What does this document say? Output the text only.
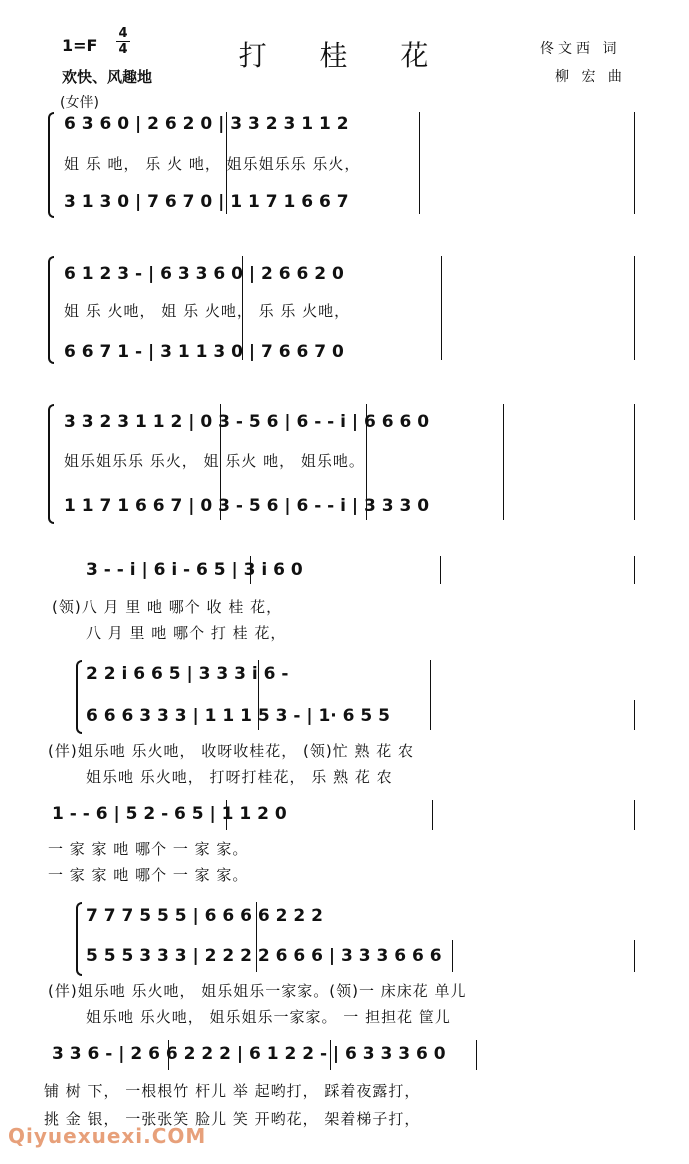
1=F
4
4
欢快、风趣地
打 桂 花	佟文西 词
柳 宏 曲
(女伴)
6 3 6 0 | 2 6 2 0 | 3 3 2 3 1 1 2
姐 乐 吔， 乐 火 吔， 姐乐姐乐乐 乐火，
3 1 3 0 | 7 6 7 0 | 1 1 7 1 6 6 7
6 1 2 3 - | 6 3 3 6 0 | 2 6 6 2 0
姐 乐 火吔， 姐 乐 火吔， 乐 乐 火吔，
6 6 7 1 - | 3 1 1 3 0 | 7 6 6 7 0
3 3 2 3 1 1 2 | 0 3 - 5 6 | 6 - - i | 6 6 6 0
姐乐姐乐乐 乐火， 姐 乐火 吔， 姐乐吔。
1 1 7 1 6 6 7 | 0 3 - 5 6 | 6 - - i | 3 3 3 0
3 - - i | 6 i - 6 5 | 3 i 6 0
(领)八 月 里 吔 哪个 收 桂 花，
八 月 里 吔 哪个 打 桂 花，
2 2 i 6 6 5 | 3 3 3 i 6 -
6 6 6 3 3 3 | 1 1 1 5 3 - | 1· 6 5 5
(伴)姐乐吔 乐火吔， 收呀收桂花， (领)忙 熟 花 农
姐乐吔 乐火吔， 打呀打桂花， 乐 熟 花 农
1 - - 6 | 5 2 - 6 5 | 1 1 2 0
一 家 家 吔 哪个 一 家 家。
一 家 家 吔 哪个 一 家 家。
7 7 7 5 5 5 | 6 6 6 6 2 2 2
5 5 5 3 3 3 | 2 2 2 2 6 6 6 | 3 3 3 6 6 6
(伴)姐乐吔 乐火吔， 姐乐姐乐一家家。(领)一 床床花 单儿
姐乐吔 乐火吔， 姐乐姐乐一家家。 一 担担花 筐儿
3 3 6 - | 2 6 6 2 2 2 | 6 1 2 2 - | 6 3 3 3 6 0
铺 树 下， 一根根竹 杆儿 举 起哟打， 踩着夜露打，
挑 金 银， 一张张笑 脸儿 笑 开哟花， 架着梯子打，
Qiyuexuexi.COM
